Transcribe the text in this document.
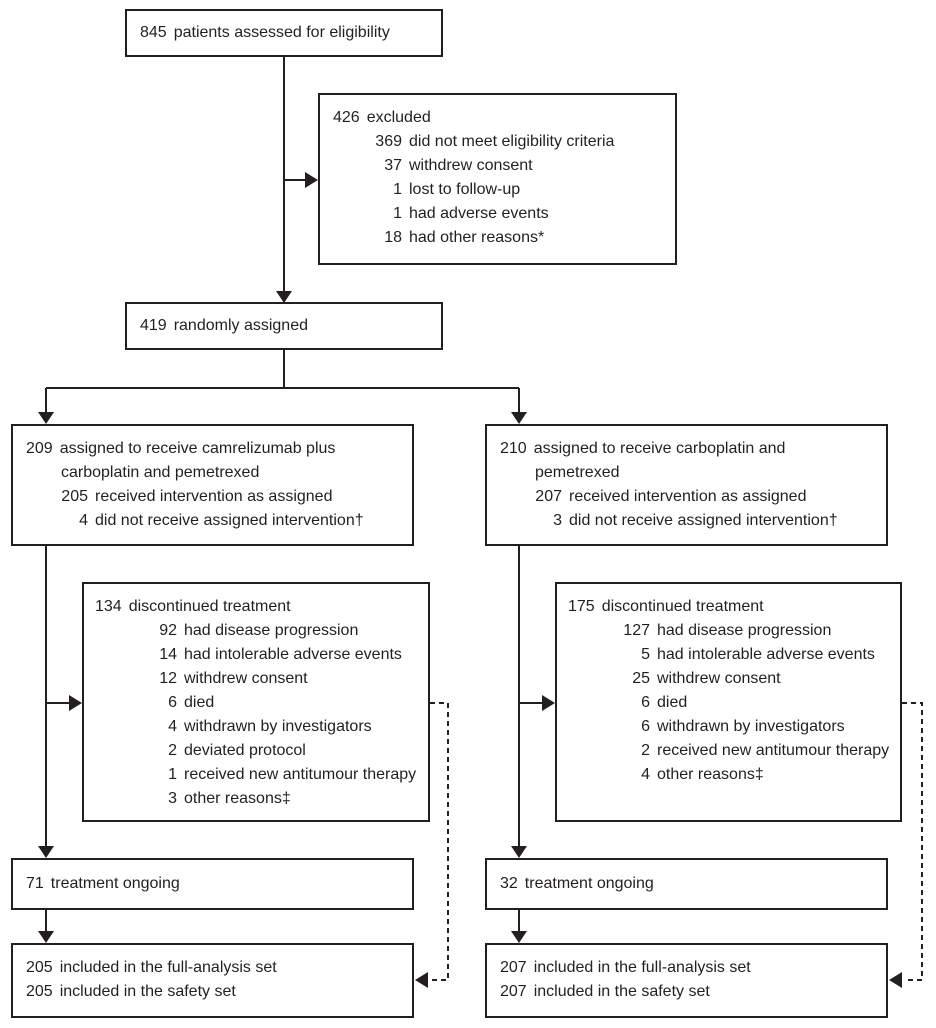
845 patients assessed for eligibility
426 excluded
369 did not meet eligibility criteria
37 withdrew consent
1 lost to follow-up
1 had adverse events
18 had other reasons*
419 randomly assigned
209 assigned to receive camrelizumab plus
carboplatin and pemetrexed
205 received intervention as assigned
4 did not receive assigned intervention†
210 assigned to receive carboplatin and
pemetrexed
207 received intervention as assigned
3 did not receive assigned intervention†
134 discontinued treatment
92 had disease progression
14 had intolerable adverse events
12 withdrew consent
6 died
4 withdrawn by investigators
2 deviated protocol
1 received new antitumour therapy
3 other reasons‡
175 discontinued treatment
127 had disease progression
5 had intolerable adverse events
25 withdrew consent
6 died
6 withdrawn by investigators
2 received new antitumour therapy
4 other reasons‡
71 treatment ongoing	32 treatment ongoing
205 included in the full-analysis set
205 included in the safety set
207 included in the full-analysis set
207 included in the safety set
